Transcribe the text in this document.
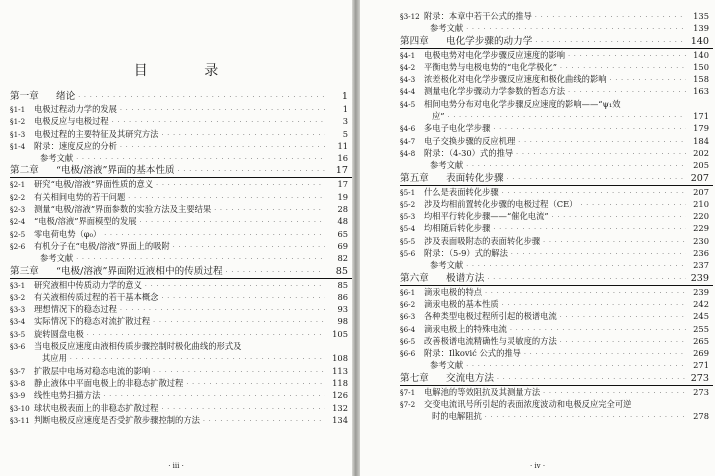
目 录
第一章	绪论 · · ·	1
§1-1	电极过程动力学的发展 · · ·	1
§1-2	电极反应与电极过程 · · ·	3
§1-3	电极过程的主要特征及其研究方法 · · ·	5
§1-4	附录：速度反应的分析 · · ·	11
参考文献 · · ·	16
第二章	“电极/溶液”界面的基本性质 · · ·	17
§2-1	研究“电极/溶液”界面性质的意义 · · ·	17
§2-2	有关相间电势的若干问题 · · ·	19
§2-3	测量“电极/溶液”界面参数的实验方法及主要结果 · · ·	28
§2-4	“电极/溶液”界面模型的发展 · · ·	48
§2-5	零电荷电势（φ₀） · · ·	65
§2-6	有机分子在“电极/溶液”界面上的吸附 · · ·	69
参考文献 · · ·	82
第三章	“电极/溶液”界面附近液相中的传质过程 · · ·	85
§3-1	研究液相中传质动力学的意义 · · ·	85
§3-2	有关液相传质过程的若干基本概念 · · ·	86
§3-3	理想情况下的稳态过程 · · ·	93
§3-4	实际情况下的稳态对流扩散过程 · · ·	98
§3-5	旋转圆盘电极 · · ·	105
§3-6	当电极反应速度由液相传质步骤控制时极化曲线的形式及
其应用 · · ·	108
§3-7	扩散层中电场对稳态电流的影响 · · ·	113
§3-8	静止液体中平面电极上的非稳态扩散过程 · · ·	118
§3-9	线性电势扫描方法 · · ·	126
§3-10 球状电极表面上的非稳态扩散过程 · · ·	132
§3-11 判断电极反应速度是否受扩散步骤控制的方法 · · ·	134
· iii ·
§3-12 附录：本章中若干公式的推导 · · ·	135
参考文献 · · ·	139
第四章	电化学步骤的动力学 · · ·	140
§4-1	电极电势对电化学步骤反应速度的影响 · · ·	140
§4-2	平衡电势与电极电势的“电化学极化” · · ·	150
§4-3	浓差极化对电化学步骤反应速度和极化曲线的影响 · · ·	158
§4-4	测量电化学步骤动力学参数的暂态方法 · · ·	163
§4-5	相间电势分布对电化学步骤反应速度的影响——“ψ₁效
应” · · ·	171
§4-6	多电子电化学步骤 · · ·	179
§4-7	电子交换步骤的反应机理 · · ·	184
§4-8	附录：（4-30）式的推导 · · ·	202
参考文献 · · ·	205
第五章	表面转化步骤 · · ·	207
§5-1	什么是表面转化步骤 · · ·	207
§5-2	涉及均相前置转化步骤的电极过程（CE） · · ·	210
§5-3	均相平行转化步骤——“催化电流” · · ·	220
§5-4	均相随后转化步骤 · · ·	229
§5-5	涉及表面吸附态的表面转化步骤 · · ·	230
§5-6	附录：（5-9）式的解法 · · ·	236
参考文献 · · ·	237
第六章	极谱方法 · · ·	239
§6-1	滴汞电极的特点 · · ·	239
§6-2	滴汞电极的基本性质 · · ·	242
§6-3	各种类型电极过程所引起的极谱电流 · · ·	245
§6-4	滴汞电极上的特殊电流 · · ·	255
§6-5	改善极谱电流精确性与灵敏度的方法 · · ·	265
§6-6	附录：Ilković 公式的推导 · · ·	269
参考文献 · · ·	271
第七章	交流电方法 · · ·	273
§7-1	电解池的等效阻抗及其测量方法 · · ·	273
§7-2	交变电流讯号所引起的表面浓度波动和电极反应完全可逆
时的电解阻抗 · · ·	278
· iv ·
